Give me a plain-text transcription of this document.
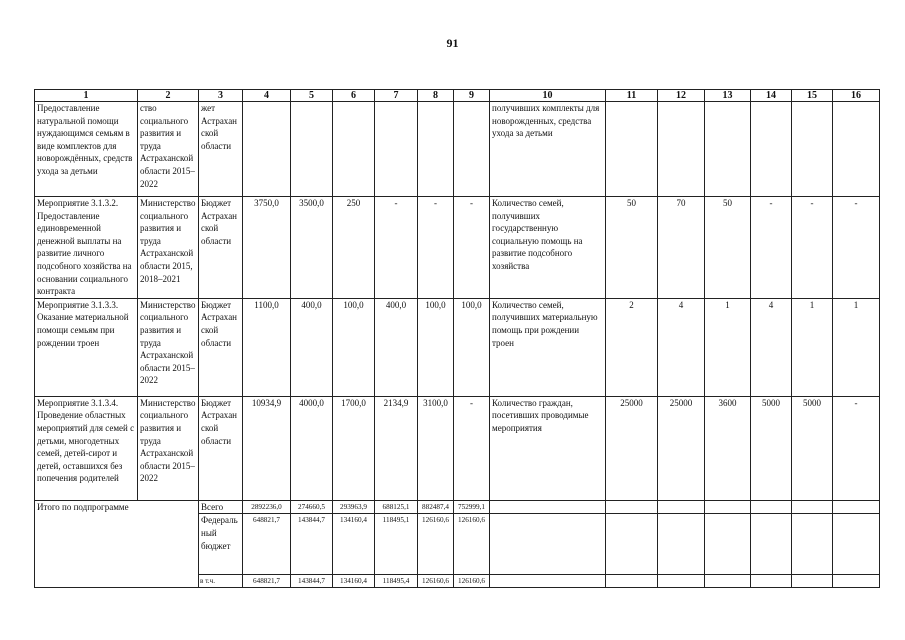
91
1	2	3	4	5	6	7	8	9	10	11	12	13	14	15	16
Предоставление натуральной помощи нуждающимся семьям в виде комплектов для новорождённых, средств ухода за детьми	ство социального развития и труда Астраханской области 2015–2022	жет Астраханской области							получивших комплекты для новорожденных, средства ухода за детьми						
Мероприятие 3.1.3.2. Предоставление единовременной денежной выплаты на развитие личного подсобного хозяйства на основании социального контракта	Министерство социального развития и труда Астраханской области 2015, 2018–2021	Бюджет Астраханской области	3750,0	3500,0	250	-	-	-	Количество семей, получивших государственную социальную помощь на развитие подсобного хозяйства	50	70	50	-	-	-
Мероприятие 3.1.3.3. Оказание материальной помощи семьям при рождении троен	Министерство социального развития и труда Астраханской области 2015–2022	Бюджет Астраханской области	1100,0	400,0	100,0	400,0	100,0	100,0	Количество семей, получивших материальную помощь при рождении троен	2	4	1	4	1	1
Мероприятие 3.1.3.4. Проведение областных мероприятий для семей с детьми, многодетных семей, детей-сирот и детей, оставшихся без попечения родителей	Министерство социального развития и труда Астраханской области 2015–2022	Бюджет Астраханской области	10934,9	4000,0	1700,0	2134,9	3100,0	-	Количество граждан, посетивших проводимые мероприятия	25000	25000	3600	5000	5000	-
Итого по подпрограмме		Всего	2892236,0	274660,5	293963,9	688125,1	882487,4	752999,1							
		Федеральный бюджет	648821,7	143844,7	134160,4	118495,1	126160,6	126160,6							
		в т.ч.	648821,7	143844,7	134160,4	118495,4	126160,6	126160,6							
